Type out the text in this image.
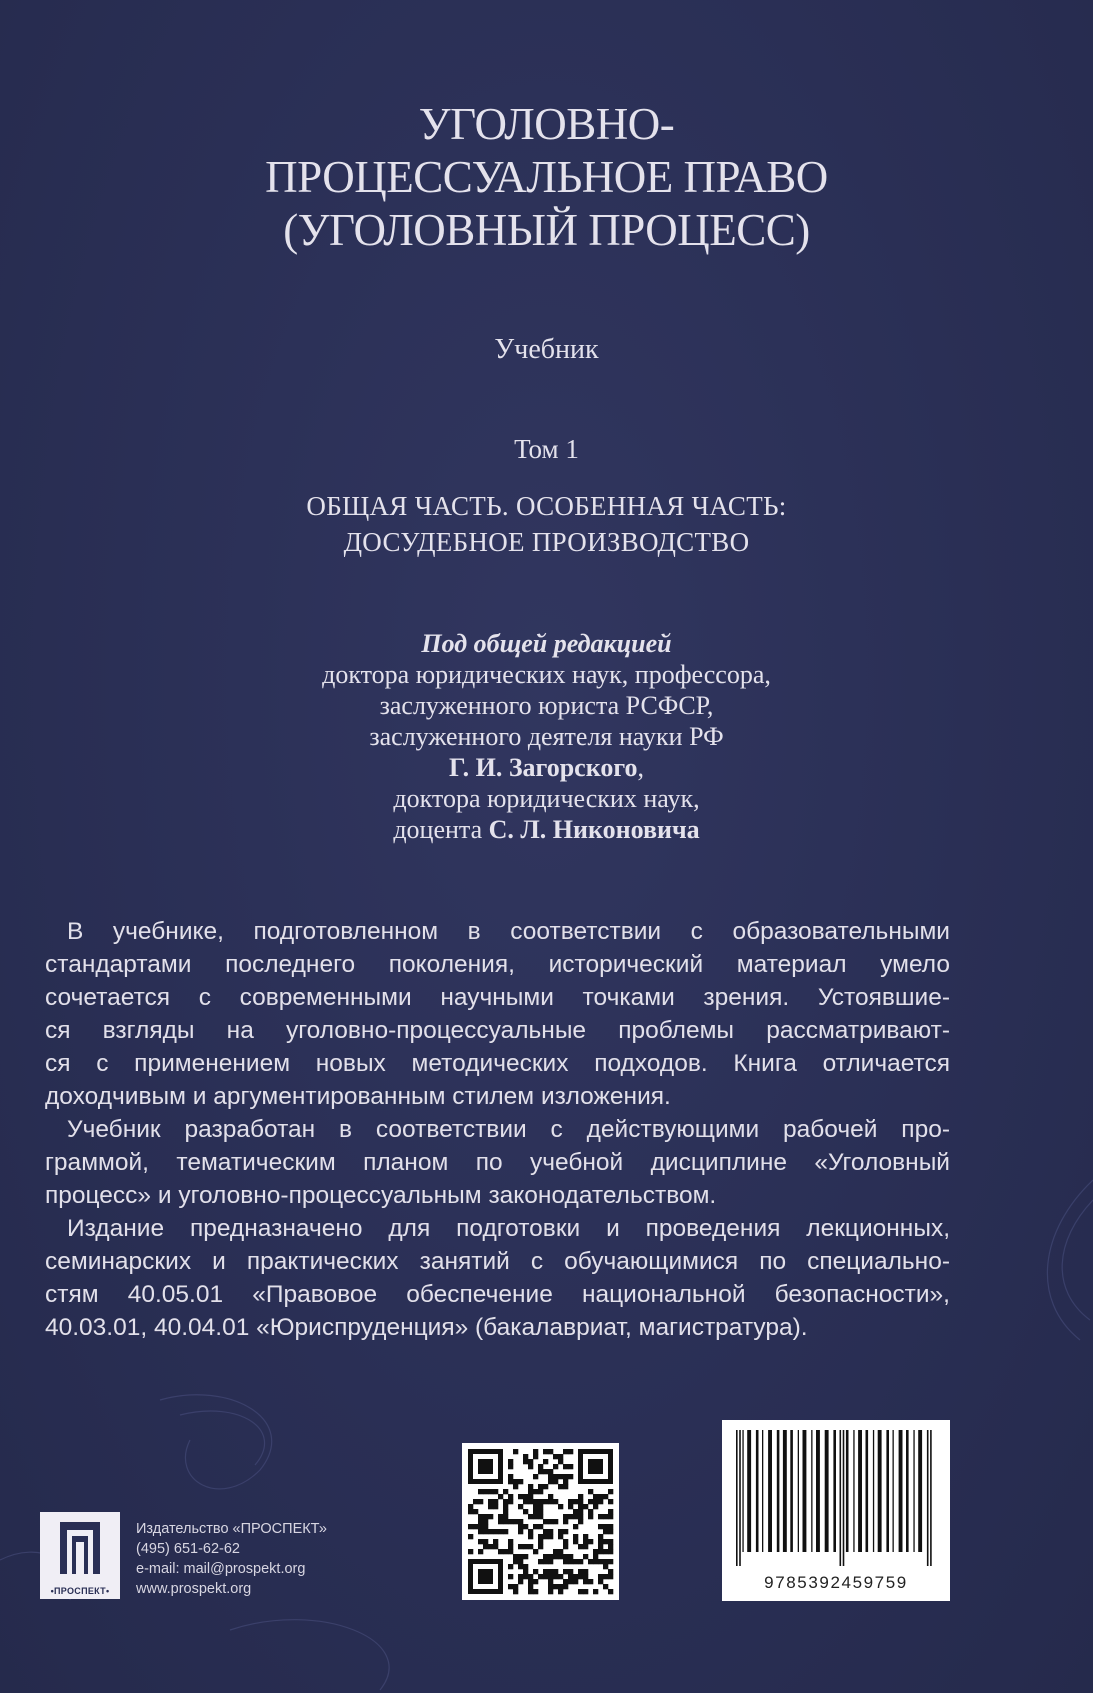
УГОЛОВНО-
ПРОЦЕССУАЛЬНОЕ ПРАВО
(УГОЛОВНЫЙ ПРОЦЕСС)
Учебник
Том 1
ОБЩАЯ ЧАСТЬ. ОСОБЕННАЯ ЧАСТЬ:
ДОСУДЕБНОЕ ПРОИЗВОДСТВО
Под общей редакцией
доктора юридических наук, профессора,
заслуженного юриста РСФСР,
заслуженного деятеля науки РФ
Г. И. Загорского,
доктора юридических наук,
доцента С. Л. Никоновича

В учебнике, подготовленном в соответствии с образовательными
стандартами последнего поколения, исторический материал умело
сочетается с современными научными точками зрения. Устоявшие-
ся взгляды на уголовно-процессуальные проблемы рассматривают-
ся с применением новых методических подходов. Книга отличается
доходчивым и аргументированным стилем изложения.

Учебник разработан в соответствии с действующими рабочей про-
граммой, тематическим планом по учебной дисциплине «Уголовный
процесс» и уголовно-процессуальным законодательством.

Издание предназначено для подготовки и проведения лекционных,
семинарских и практических занятий с обучающимися по специально-
стям 40.05.01 «Правовое обеспечение национальной безопасности»,
40.03.01, 40.04.01 «Юриспруденция» (бакалавриат, магистратура).

•ПРОСПЕКТ•
Издательство «ПРОСПЕКТ»
(495) 651-62-62
e-mail: mail@prospekt.org
www.prospekt.org	9785392459759
